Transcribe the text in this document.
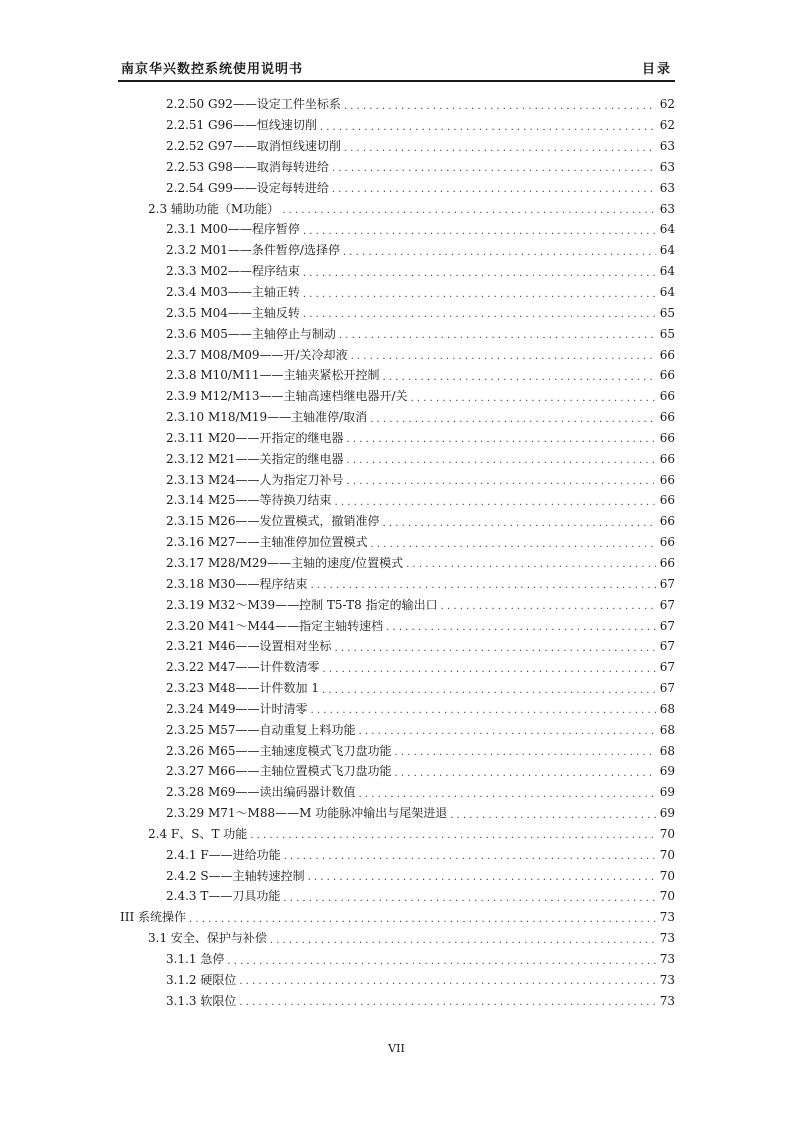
南京华兴数控系统使用说明书	目录
2.2.50 G92——设定工件坐标系 . . .	62
2.2.51 G96——恒线速切削 . . .	62
2.2.52 G97——取消恒线速切削 . . .	63
2.2.53 G98——取消每转进给 . . .	63
2.2.54 G99——设定每转进给 . . .	63
2.3 辅助功能（M功能） . . .	63
2.3.1 M00——程序暂停 . . .	64
2.3.2 M01——条件暂停/选择停 . . .	64
2.3.3 M02——程序结束 . . .	64
2.3.4 M03——主轴正转 . . .	64
2.3.5 M04——主轴反转 . . .	65
2.3.6 M05——主轴停止与制动 . . .	65
2.3.7 M08/M09——开/关冷却液 . . .	66
2.3.8 M10/M11——主轴夹紧松开控制 . . .	66
2.3.9 M12/M13——主轴高速档继电器开/关 . . .	66
2.3.10 M18/M19——主轴准停/取消 . . .	66
2.3.11 M20——开指定的继电器 . . .	66
2.3.12 M21——关指定的继电器 . . .	66
2.3.13 M24——人为指定刀补号 . . .	66
2.3.14 M25——等待换刀结束 . . .	66
2.3.15 M26——发位置模式，撤销准停 . . .	66
2.3.16 M27——主轴准停加位置模式 . . .	66
2.3.17 M28/M29——主轴的速度/位置模式 . . .	66
2.3.18 M30——程序结束 . . .	67
2.3.19 M32～M39——控制 T5-T8 指定的输出口 . . .	67
2.3.20 M41～M44——指定主轴转速档 . . .	67
2.3.21 M46——设置相对坐标 . . .	67
2.3.22 M47——计件数清零 . . .	67
2.3.23 M48——计件数加 1 . . .	67
2.3.24 M49——计时清零 . . .	68
2.3.25 M57——自动重复上料功能 . . .	68
2.3.26 M65——主轴速度模式飞刀盘功能 . . .	68
2.3.27 M66——主轴位置模式飞刀盘功能 . . .	69
2.3.28 M69——读出编码器计数值 . . .	69
2.3.29 M71～M88——M 功能脉冲输出与尾架进退 . . .	69
2.4 F、S、T 功能 . . .	70
2.4.1 F——进给功能 . . .	70
2.4.2 S——主轴转速控制 . . .	70
2.4.3 T——刀具功能 . . .	70
III 系统操作 . . .	73
3.1 安全、保护与补偿 . . .	73
3.1.1 急停 . . .	73
3.1.2 硬限位 . . .	73
3.1.3 软限位 . . .	73
VII
